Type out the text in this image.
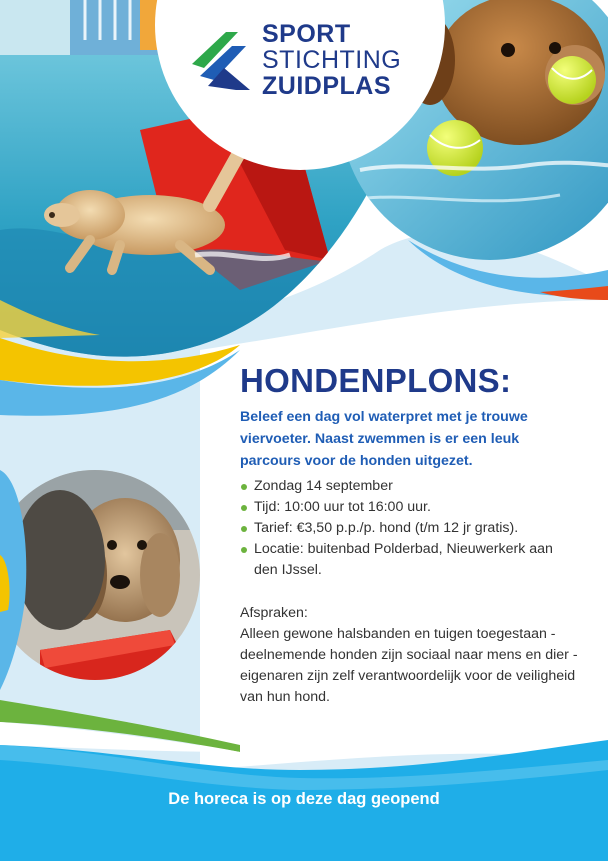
SPORT
STICHTING
ZUIDPLAS
HONDENPLONS:

Beleef een dag vol waterpret met je trouwe viervoeter. Naast zwemmen is er een leuk parcours voor de honden uitgezet.

Zondag 14 september
Tijd: 10:00 uur tot 16:00 uur.
Tarief: €3,50 p.p./p. hond (t/m 12 jr gratis).
Locatie: buitenbad Polderbad, Nieuwerkerk aan den IJssel.
Afspraken:
Alleen gewone halsbanden en tuigen toegestaan - deelnemende honden zijn sociaal naar mens en dier - eigenaren zijn zelf verantwoordelijk voor de veiligheid van hun hond.
De horeca is op deze dag geopend
